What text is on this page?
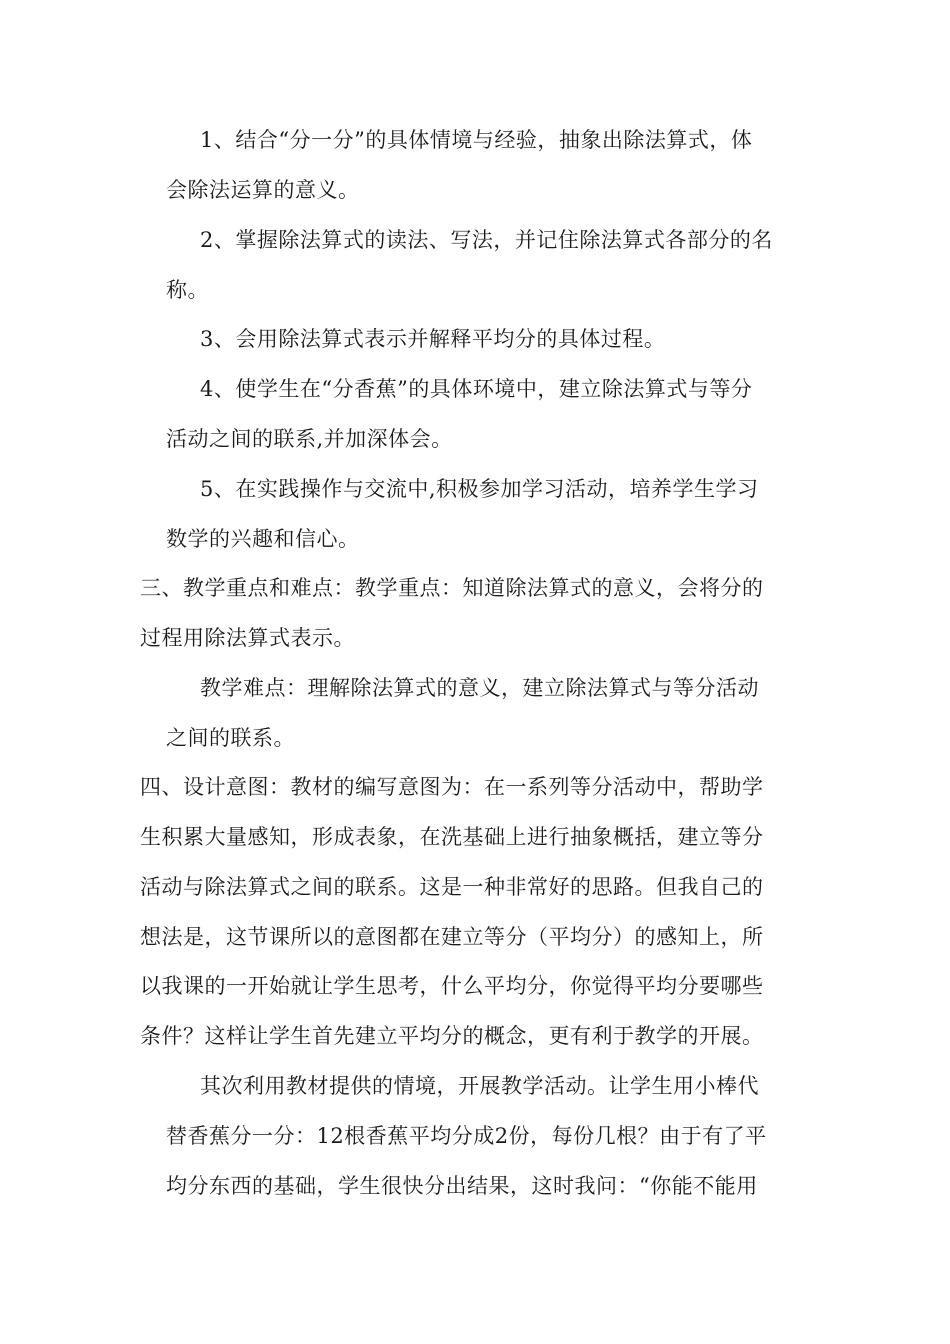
1、结合“分一分”的具体情境与经验，抽象出除法算式，体
会除法运算的意义。
2、掌握除法算式的读法、写法，并记住除法算式各部分的名
称。
3、会用除法算式表示并解释平均分的具体过程。
4、使学生在“分香蕉”的具体环境中，建立除法算式与等分
活动之间的联系,并加深体会。
5、在实践操作与交流中,积极参加学习活动，培养学生学习
数学的兴趣和信心。
三、教学重点和难点：教学重点：知道除法算式的意义，会将分的
过程用除法算式表示。
教学难点：理解除法算式的意义，建立除法算式与等分活动
之间的联系。
四、设计意图：教材的编写意图为：在一系列等分活动中，帮助学
生积累大量感知，形成表象，在洗基础上进行抽象概括，建立等分
活动与除法算式之间的联系。这是一种非常好的思路。但我自己的
想法是，这节课所以的意图都在建立等分（平均分）的感知上，所
以我课的一开始就让学生思考，什么平均分，你觉得平均分要哪些
条件？这样让学生首先建立平均分的概念，更有利于教学的开展。
其次利用教材提供的情境，开展教学活动。让学生用小棒代
替香蕉分一分：12根香蕉平均分成2份，每份几根？由于有了平
均分东西的基础，学生很快分出结果，这时我问：“你能不能用
